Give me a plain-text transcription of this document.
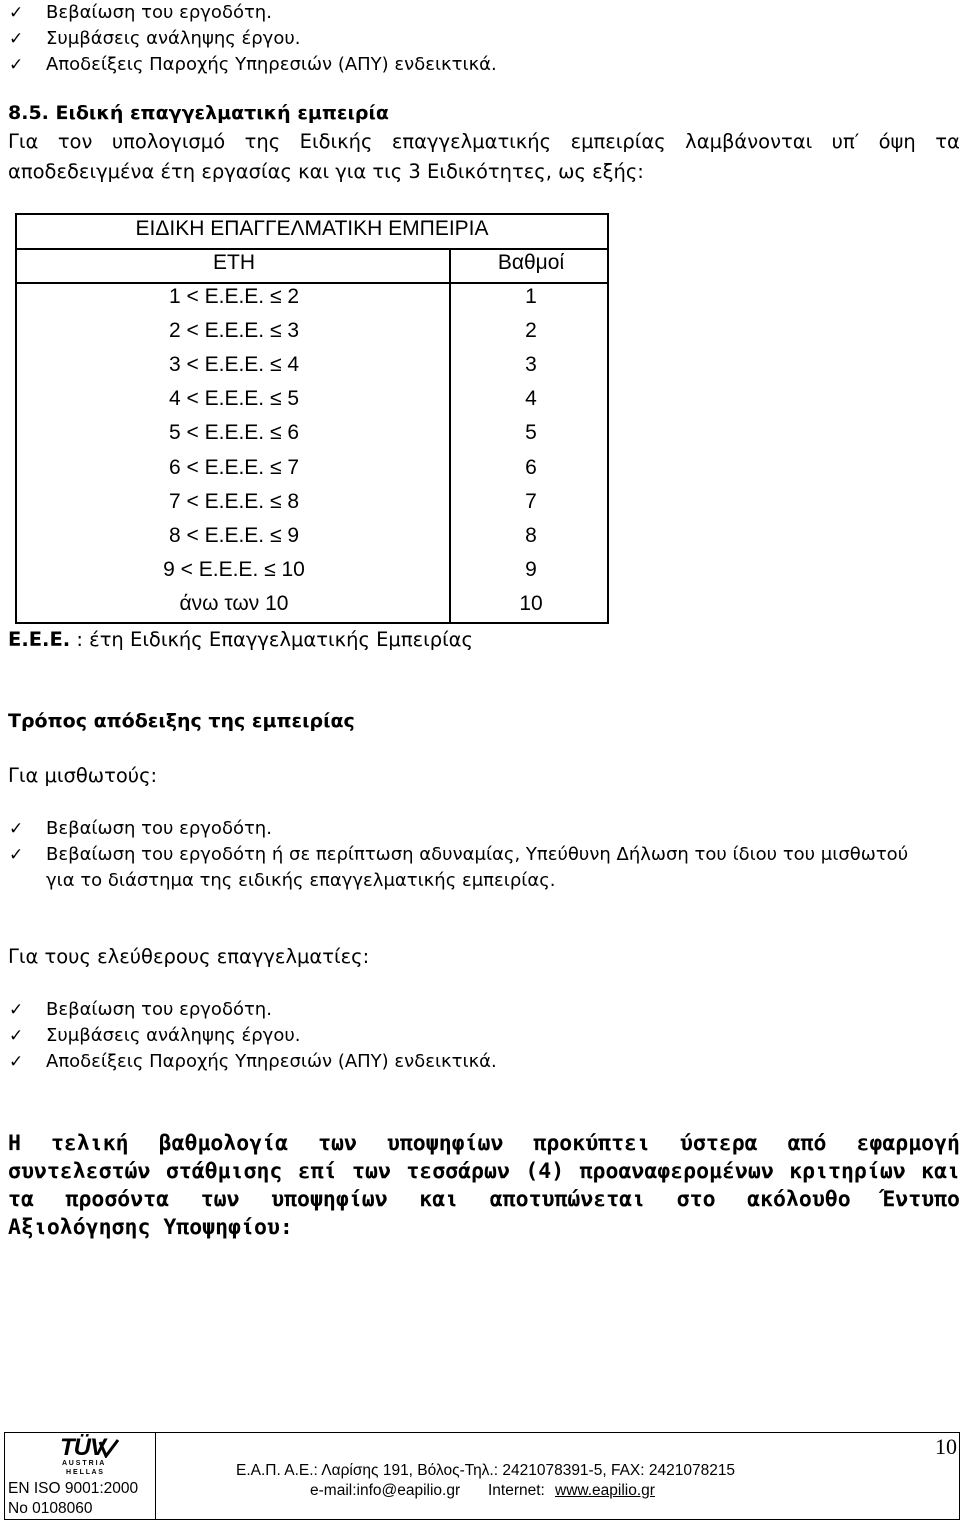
✓ Βεβαίωση του εργοδότη.
✓ Συμβάσεις ανάληψης έργου.
✓ Αποδείξεις Παροχής Υπηρεσιών (ΑΠΥ) ενδεικτικά.
8.5. Ειδική επαγγελματική εμπειρία
Για τον υπολογισμό της Ειδικής επαγγελματικής εμπειρίας λαμβάνονται υπ′ όψη τα
αποδεδειγμένα έτη εργασίας και για τις 3 Ειδικότητες, ως εξής:
ΕΙΔΙΚΗ ΕΠΑΓΓΕΛΜΑΤΙΚΗ ΕΜΠΕΙΡΙΑ
ΕΤΗ	Βαθμοί
1 < Ε.Ε.Ε. ≤ 2	1
2 < Ε.Ε.Ε. ≤ 3	2
3 < Ε.Ε.Ε. ≤ 4	3
4 < Ε.Ε.Ε. ≤ 5	4
5 < Ε.Ε.Ε. ≤ 6	5
6 < Ε.Ε.Ε. ≤ 7	6
7 < Ε.Ε.Ε. ≤ 8	7
8 < Ε.Ε.Ε. ≤ 9	8
9 < Ε.Ε.Ε. ≤ 10	9
άνω των 10	10
Ε.Ε.Ε. : έτη Ειδικής Επαγγελματικής Εμπειρίας
Τρόπος απόδειξης της εμπειρίας
Για μισθωτούς:
✓ Βεβαίωση του εργοδότη.
✓ Βεβαίωση του εργοδότη ή σε περίπτωση αδυναμίας, Υπεύθυνη Δήλωση του ίδιου του μισθωτού
για το διάστημα της ειδικής επαγγελματικής εμπειρίας.
Για τους ελεύθερους επαγγελματίες:
✓ Βεβαίωση του εργοδότη.
✓ Συμβάσεις ανάληψης έργου.
✓ Αποδείξεις Παροχής Υπηρεσιών (ΑΠΥ) ενδεικτικά.
Η τελική βαθμολογία των υποψηφίων προκύπτει ύστερα από εφαρμογή
συντελεστών στάθμισης επί των τεσσάρων (4) προαναφερομένων κριτηρίων και
τα προσόντα των υποψηφίων και αποτυπώνεται στο ακόλουθο Έντυπο
Αξιολόγησης Υποψηφίου:
TÜV
A U S T R I A
H E L L A S
EN ISO 9001:2000
No 0108060
Ε.Α.Π. Α.Ε.: Λαρίσης 191, Βόλος-Τηλ.: 2421078391-5, FAX: 2421078215
e-mail:info@eapilio.gr Internet: www.eapilio.gr
10
